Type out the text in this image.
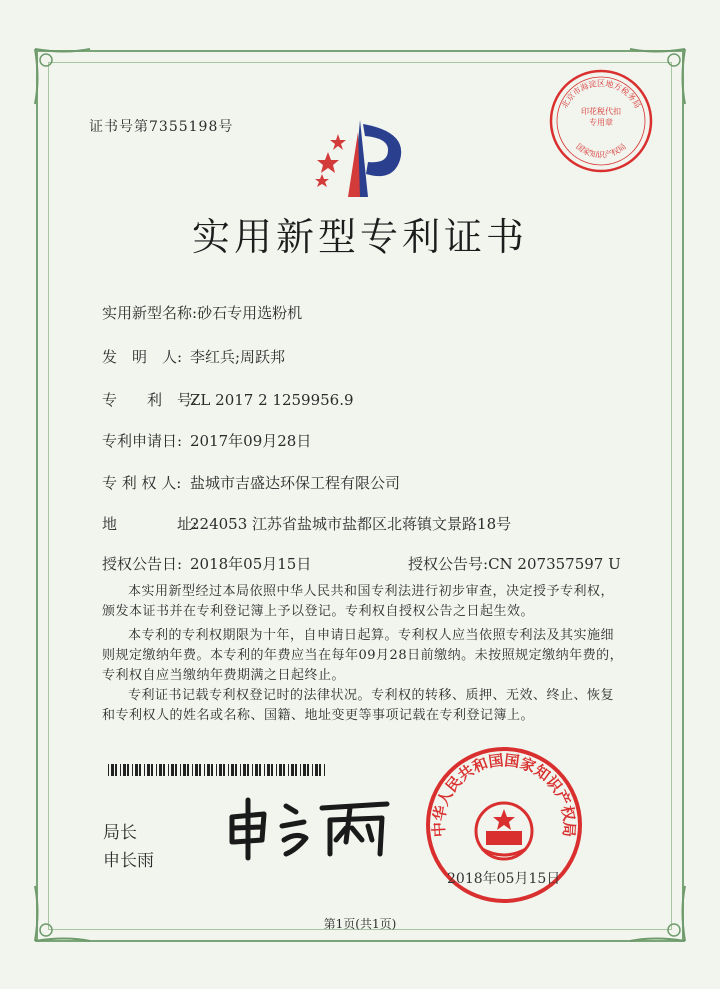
证书号第7355198号
北京市海淀区地方税务局
国家知识产权局
印花税代扣专用章
实用新型专利证书
实用新型名称:砂石专用选粉机
发　明　人: 李红兵;周跃邦
专　　利　号:ZL 2017 2 1259956.9
专利申请日: 2017年09月28日
专 利 权 人: 盐城市吉盛达环保工程有限公司
地　　　　址:224053 江苏省盐城市盐都区北蒋镇文景路18号
授权公告日: 2018年05月15日	授权公告号:CN 207357597 U

本实用新型经过本局依照中华人民共和国专利法进行初步审查，决定授予专利权，颁发本证书并在专利登记簿上予以登记。专利权自授权公告之日起生效。

本专利的专利权期限为十年，自申请日起算。专利权人应当依照专利法及其实施细则规定缴纳年费。本专利的年费应当在每年09月28日前缴纳。未按照规定缴纳年费的，专利权自应当缴纳年费期满之日起终止。

专利证书记载专利权登记时的法律状况。专利权的转移、质押、无效、终止、恢复和专利权人的姓名或名称、国籍、地址变更等事项记载在专利登记簿上。

局长
申长雨
中华人民共和国国家知识产权局
2018年05月15日
第1页(共1页)
